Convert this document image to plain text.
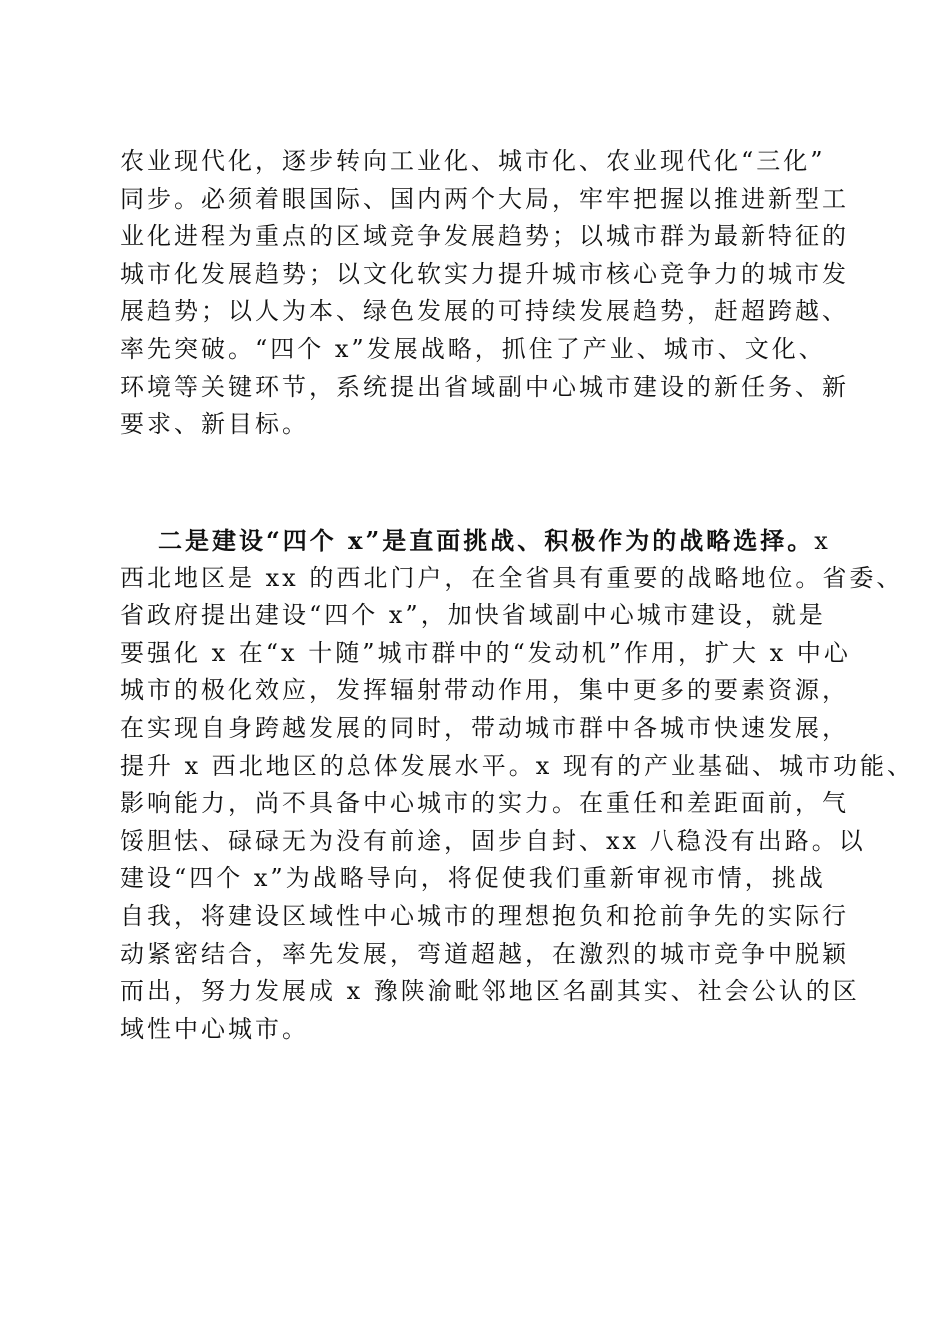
农业现代化，逐步转向工业化、城市化、农业现代化“三化”
同步。必须着眼国际、国内两个大局，牢牢把握以推进新型工
业化进程为重点的区域竞争发展趋势；以城市群为最新特征的
城市化发展趋势；以文化软实力提升城市核心竞争力的城市发
展趋势；以人为本、绿色发展的可持续发展趋势，赶超跨越、
率先突破。“四个 x”发展战略，抓住了产业、城市、文化、
环境等关键环节，系统提出省域副中心城市建设的新任务、新
要求、新目标。
二是建设“四个 x”是直面挑战、积极作为的战略选择。x
西北地区是 xx 的西北门户，在全省具有重要的战略地位。省委、
省政府提出建设“四个 x”，加快省域副中心城市建设，就是
要强化 x 在“x 十随”城市群中的“发动机”作用，扩大 x 中心
城市的极化效应，发挥辐射带动作用，集中更多的要素资源，
在实现自身跨越发展的同时，带动城市群中各城市快速发展，
提升 x 西北地区的总体发展水平。x 现有的产业基础、城市功能、
影响能力，尚不具备中心城市的实力。在重任和差距面前，气
馁胆怯、碌碌无为没有前途，固步自封、xx 八稳没有出路。以
建设“四个 x”为战略导向，将促使我们重新审视市情，挑战
自我，将建设区域性中心城市的理想抱负和抢前争先的实际行
动紧密结合，率先发展，弯道超越，在激烈的城市竞争中脱颖
而出，努力发展成 x 豫陕渝毗邻地区名副其实、社会公认的区
域性中心城市。
